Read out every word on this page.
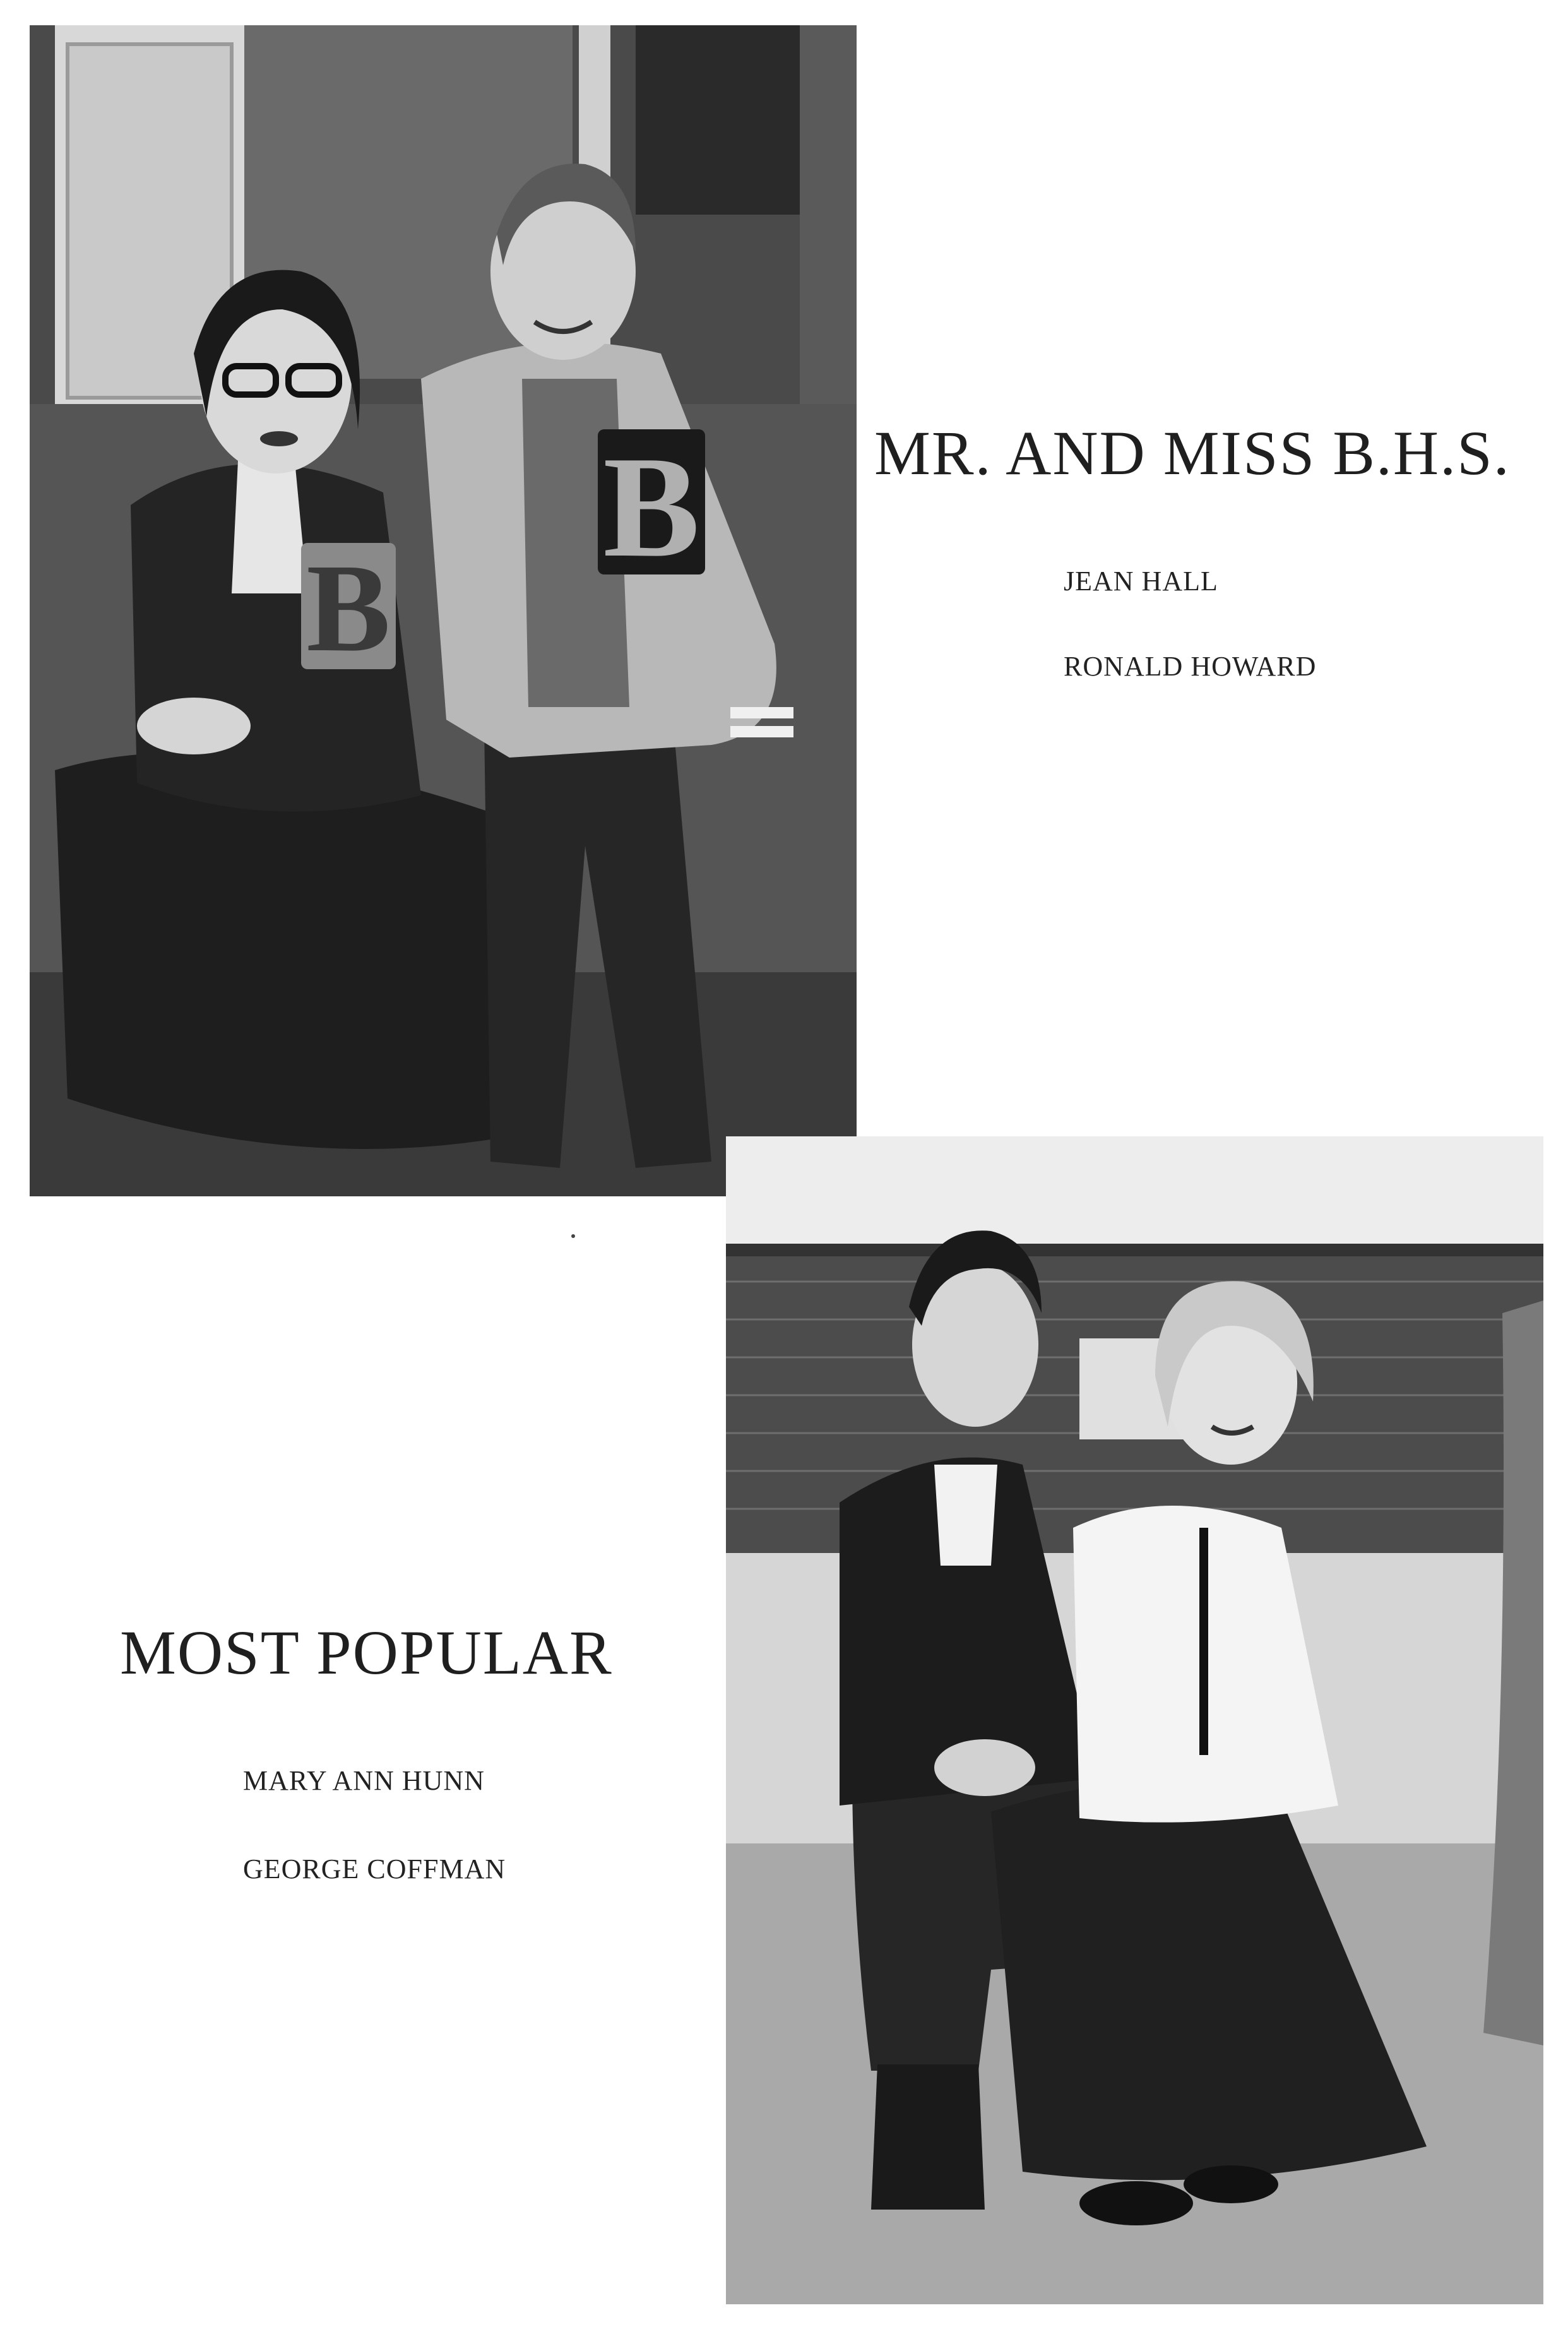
B
B	MR. AND MISS B.H.S.

JEAN HALL

RONALD HOWARD

MOST POPULAR

MARY ANN HUNN

GEORGE COFFMAN
